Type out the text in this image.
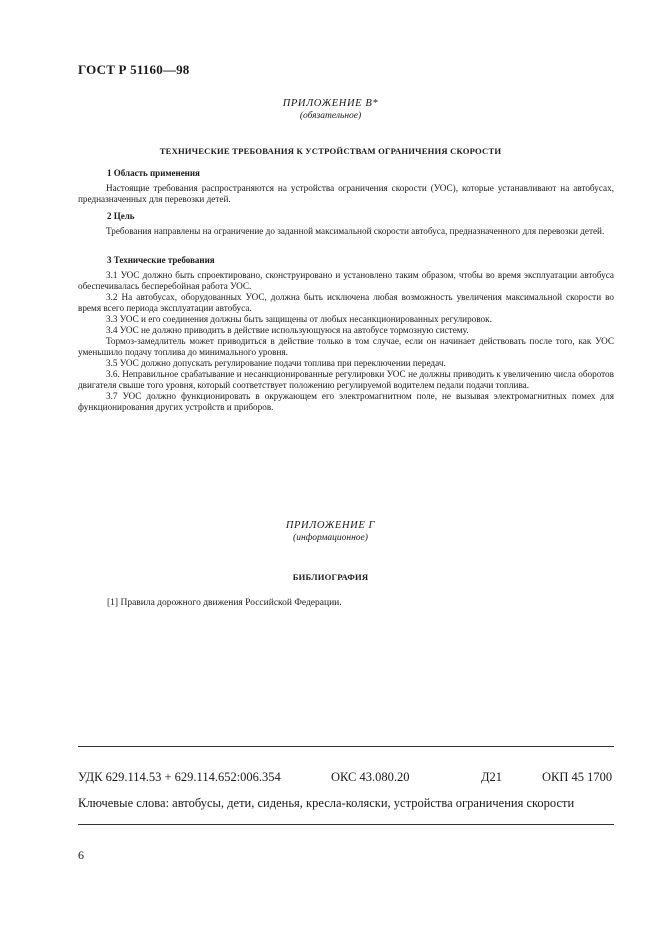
ГОСТ Р 51160—98
ПРИЛОЖЕНИЕ В*
(обязательное)
ТЕХНИЧЕСКИЕ ТРЕБОВАНИЯ К УСТРОЙСТВАМ ОГРАНИЧЕНИЯ СКОРОСТИ
1 Область применения

Настоящие требования распространяются на устройства ограничения скорости (УОС), которые устанавливают на автобусах, предназначенных для перевозки детей.

2 Цель

Требования направлены на ограничение до заданной максимальной скорости автобуса, предназначенного для перевозки детей.

3 Технические требования

3.1 УОС должно быть спроектировано, сконструировано и установлено таким образом, чтобы во время эксплуатации автобуса обеспечивалась бесперебойная работа УОС.

3.2 На автобусах, оборудованных УОС, должна быть исключена любая возможность увеличения максимальной скорости во время всего периода эксплуатации автобуса.

3.3 УОС и его соединения должны быть защищены от любых несанкционированных регулировок.

3.4 УОС не должно приводить в действие использующуюся на автобусе тормозную систему.

Тормоз-замедлитель может приводиться в действие только в том случае, если он начинает действовать после того, как УОС уменьшило подачу топлива до минимального уровня.

3.5 УОС должно допускать регулирование подачи топлива при переключении передач.

3.6. Неправильное срабатывание и несанкционированные регулировки УОС не должны приводить к увеличению числа оборотов двигателя свыше того уровня, который соответствует положению регулируемой водителем педали подачи топлива.

3.7 УОС должно функционировать в окружающем его электромагнитном поле, не вызывая электромагнитных помех для функционирования других устройств и приборов.

ПРИЛОЖЕНИЕ Г
(информационное)
БИБЛИОГРАФИЯ
[1] Правила дорожного движения Российской Федерации.
УДК 629.114.53 + 629.114.652:006.354	ОКС 43.080.20	Д21	ОКП 45 1700
Ключевые слова: автобусы, дети, сиденья, кресла-коляски, устройства ограничения скорости
6
